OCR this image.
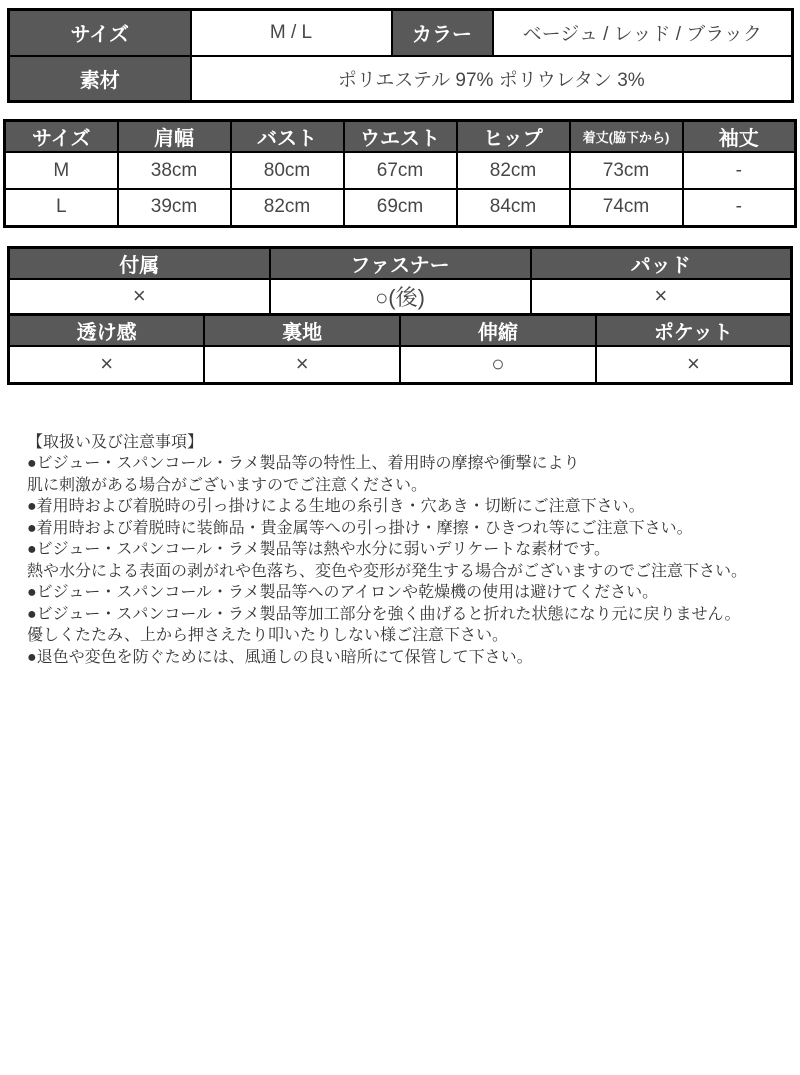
サイズ	M / L	カラー	ベージュ / レッド / ブラック
素材	ポリエステル 97% ポリウレタン 3%		
サイズ	肩幅	バスト	ウエスト	ヒップ	着丈(脇下から)	袖丈
M	38cm	80cm	67cm	82cm	73cm	-
L	39cm	82cm	69cm	84cm	74cm	-
付属	ファスナー	パッド
×	○(後)	×
透け感	裏地	伸縮	ポケット
×	×	○	×
【取扱い及び注意事項】
●ビジュー・スパンコール・ラメ製品等の特性上、着用時の摩擦や衝撃により
肌に刺激がある場合がございますのでご注意ください。
●着用時および着脱時の引っ掛けによる生地の糸引き・穴あき・切断にご注意下さい。
●着用時および着脱時に装飾品・貴金属等への引っ掛け・摩擦・ひきつれ等にご注意下さい。
●ビジュー・スパンコール・ラメ製品等は熱や水分に弱いデリケートな素材です。
熱や水分による表面の剥がれや色落ち、変色や変形が発生する場合がございますのでご注意下さい。
●ビジュー・スパンコール・ラメ製品等へのアイロンや乾燥機の使用は避けてください。
●ビジュー・スパンコール・ラメ製品等加工部分を強く曲げると折れた状態になり元に戻りません。
優しくたたみ、上から押さえたり叩いたりしない様ご注意下さい。
●退色や変色を防ぐためには、風通しの良い暗所にて保管して下さい。
